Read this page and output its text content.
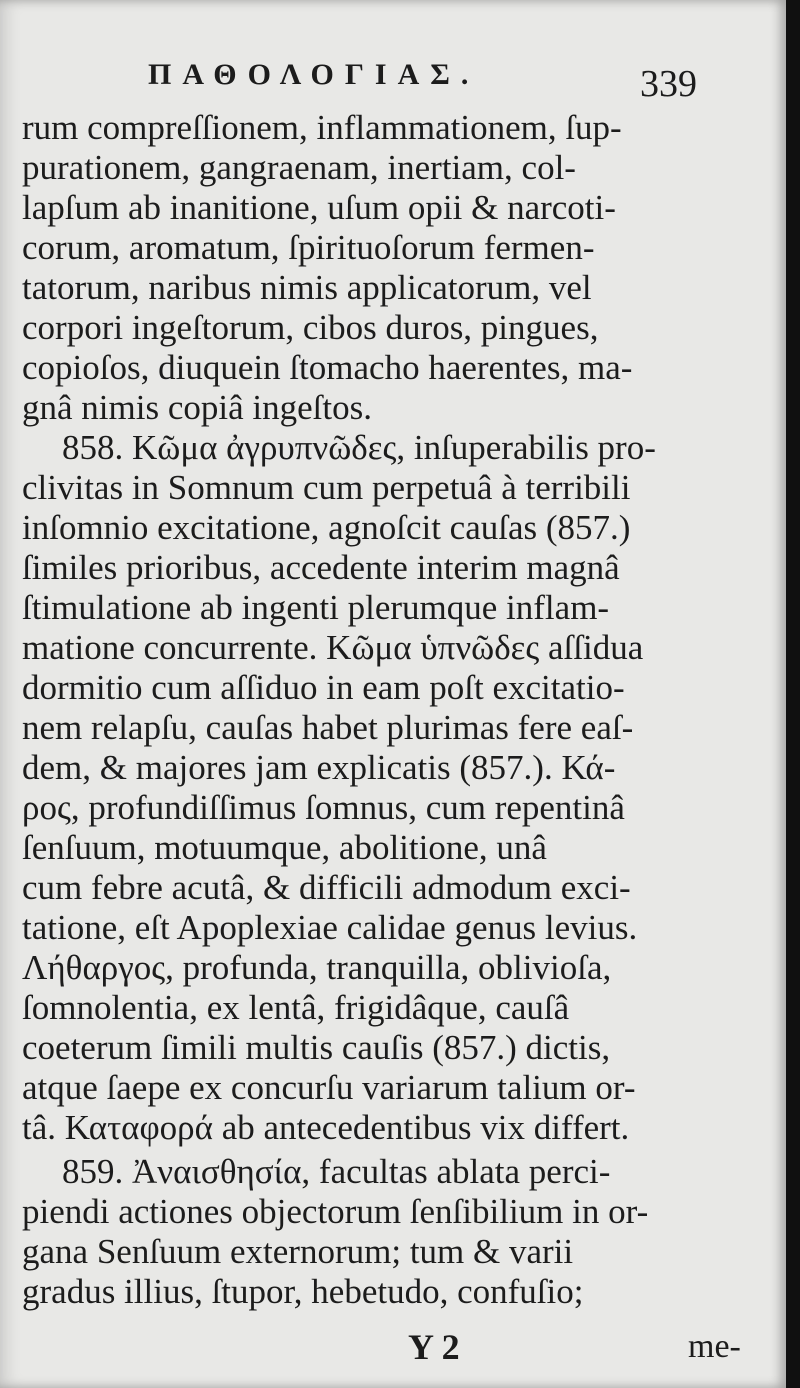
ΠΑΘΟΛΟΓΙΑΣ.	339
rum compreſſionem, inflammationem, ſup-
purationem, gangraenam, inertiam, col-
lapſum ab inanitione, uſum opii & narcoti-
corum, aromatum, ſpirituoſorum fermen-
tatorum, naribus nimis applicatorum, vel
corpori ingeſtorum, cibos duros, pingues,
copioſos, diuquein ſtomacho haerentes, ma-
gnâ nimis copiâ ingeſtos.
858. Κῶμα ἀγρυπνῶδες, inſuperabilis pro-
clivitas in Somnum cum perpetuâ à terribili
inſomnio excitatione, agnoſcit cauſas (857.)
ſimiles prioribus, accedente interim magnâ
ſtimulatione ab ingenti plerumque inflam-
matione concurrente. Κῶμα ὑπνῶδες aſſidua
dormitio cum aſſiduo in eam poſt excitatio-
nem relapſu, cauſas habet plurimas fere eaſ-
dem, & majores jam explicatis (857.). Κά-
ρος, profundiſſimus ſomnus, cum repentinâ
ſenſuum, motuumque, abolitione, unâ
cum febre acutâ, & difficili admodum exci-
tatione, eſt Apoplexiae calidae genus levius.
Λήθαργος, profunda, tranquilla, oblivioſa,
ſomnolentia, ex lentâ, frigidâque, cauſâ
coeterum ſimili multis cauſis (857.) dictis,
atque ſaepe ex concurſu variarum talium or-
tâ. Καταφορά ab antecedentibus vix differt.
859. Ἀναισθησία, facultas ablata perci-
piendi actiones objectorum ſenſibilium in or-
gana Senſuum externorum; tum & varii
gradus illius, ſtupor, hebetudo, confuſio;
Y 2	me-
